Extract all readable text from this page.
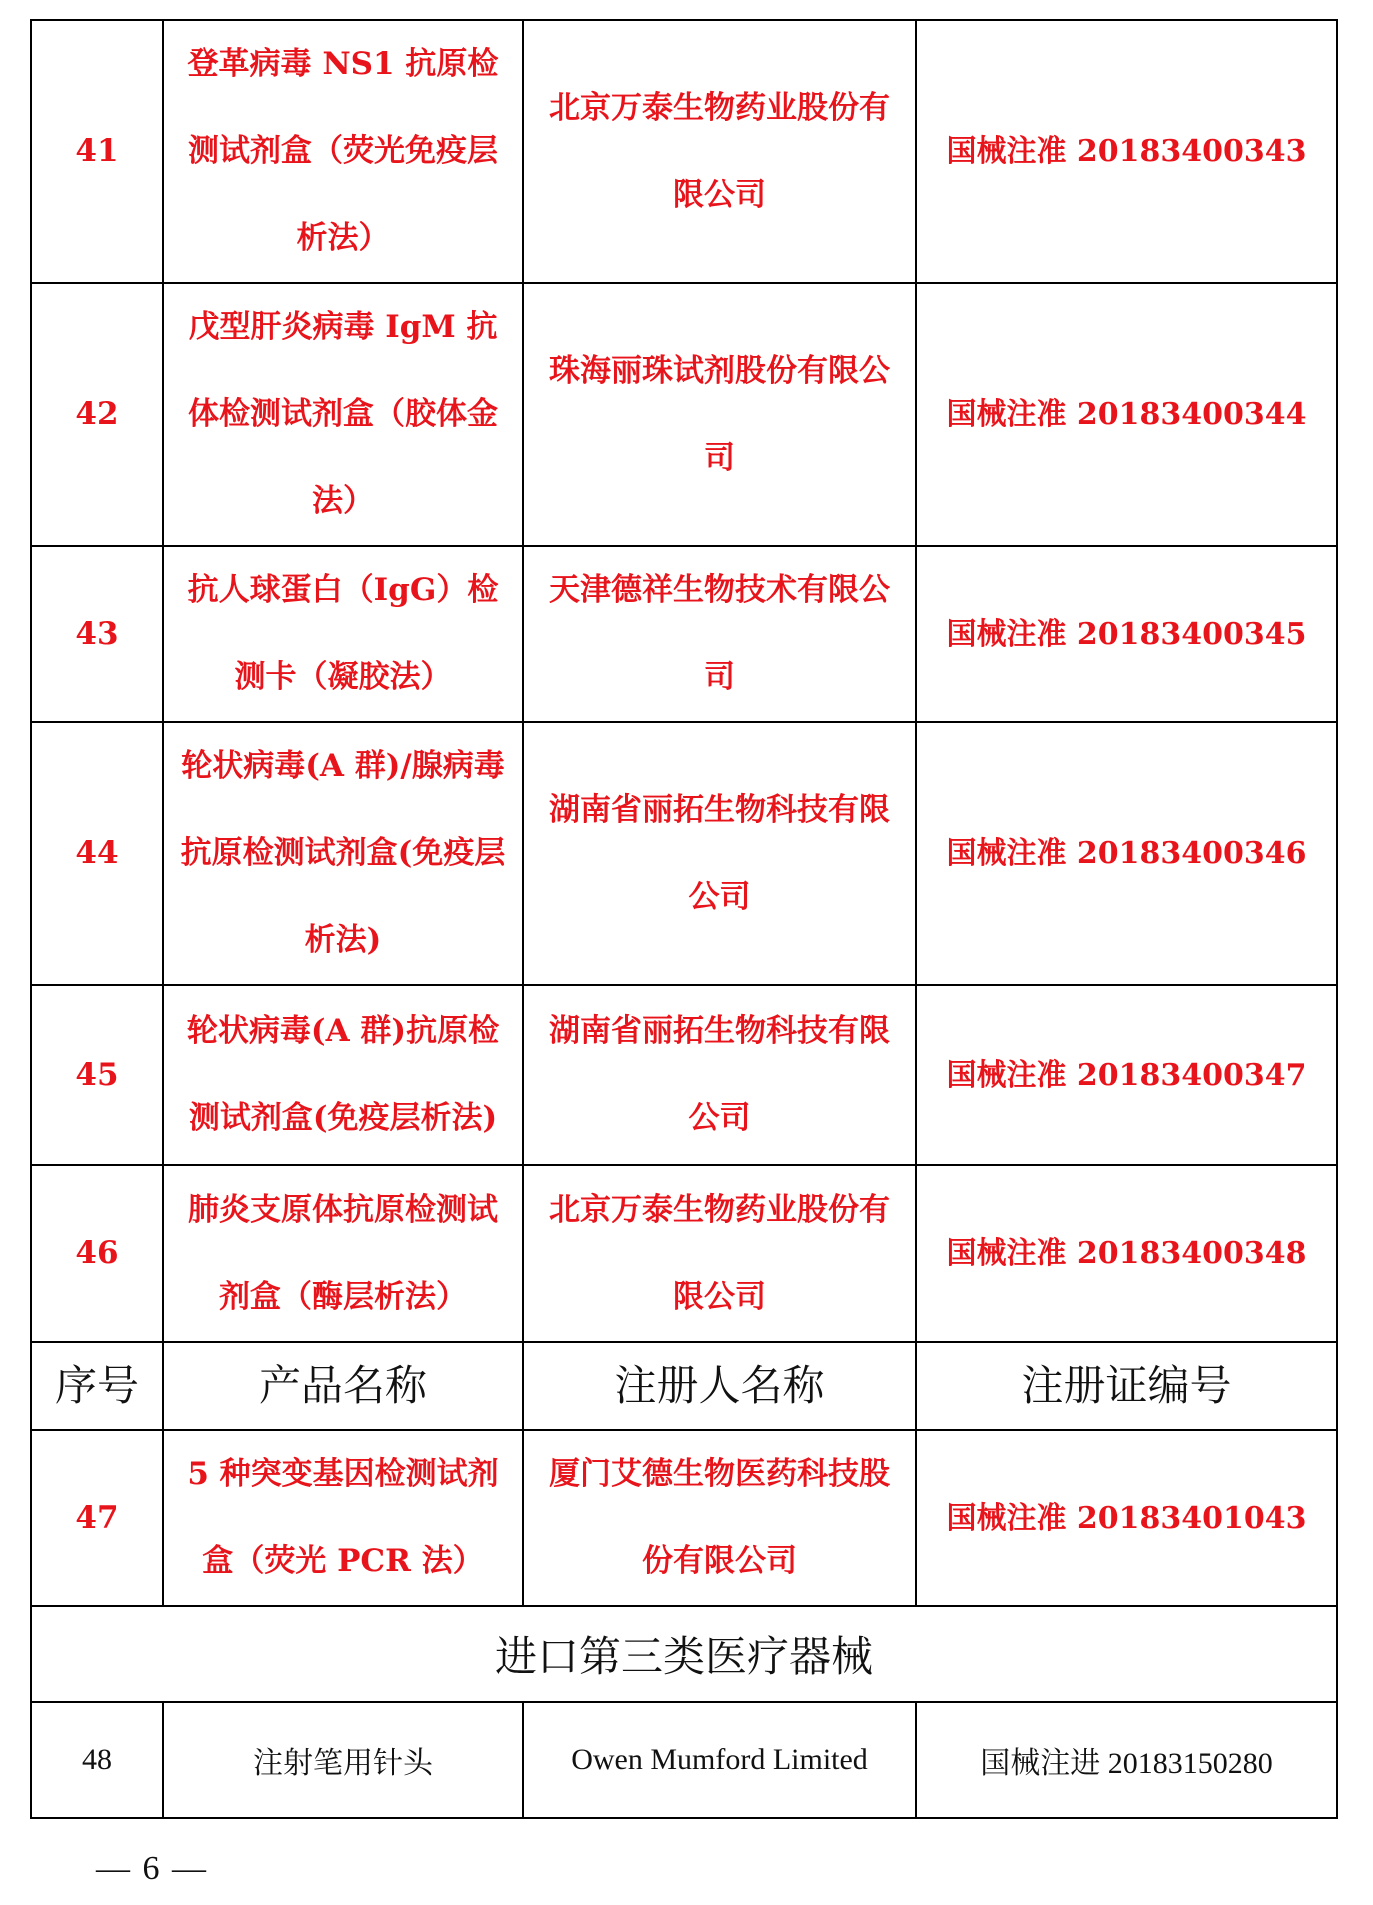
41	登革病毒 NS1 抗原检测试剂盒（荧光免疫层析法）	北京万泰生物药业股份有限公司	国械注准 20183400343

42	戊型肝炎病毒 IgM 抗体检测试剂盒（胶体金法）	珠海丽珠试剂股份有限公司	国械注准 20183400344

43	抗人球蛋白（IgG）检测卡（凝胶法）	天津德祥生物技术有限公司	国械注准 20183400345

44	轮状病毒(A 群)/腺病毒抗原检测试剂盒(免疫层析法)	湖南省丽拓生物科技有限公司	国械注准 20183400346

45	轮状病毒(A 群)抗原检测试剂盒(免疫层析法)	湖南省丽拓生物科技有限公司	国械注准 20183400347

46	肺炎支原体抗原检测试剂盒（酶层析法）	北京万泰生物药业股份有限公司	国械注准 20183400348

序号	产品名称	注册人名称	注册证编号

47	5 种突变基因检测试剂盒（荧光 PCR 法）	厦门艾德生物医药科技股份有限公司	国械注准 20183401043

进口第三类医疗器械			

48	注射笔用针头	Owen Mumford Limited	国械注进 20183150280
— 6 —
